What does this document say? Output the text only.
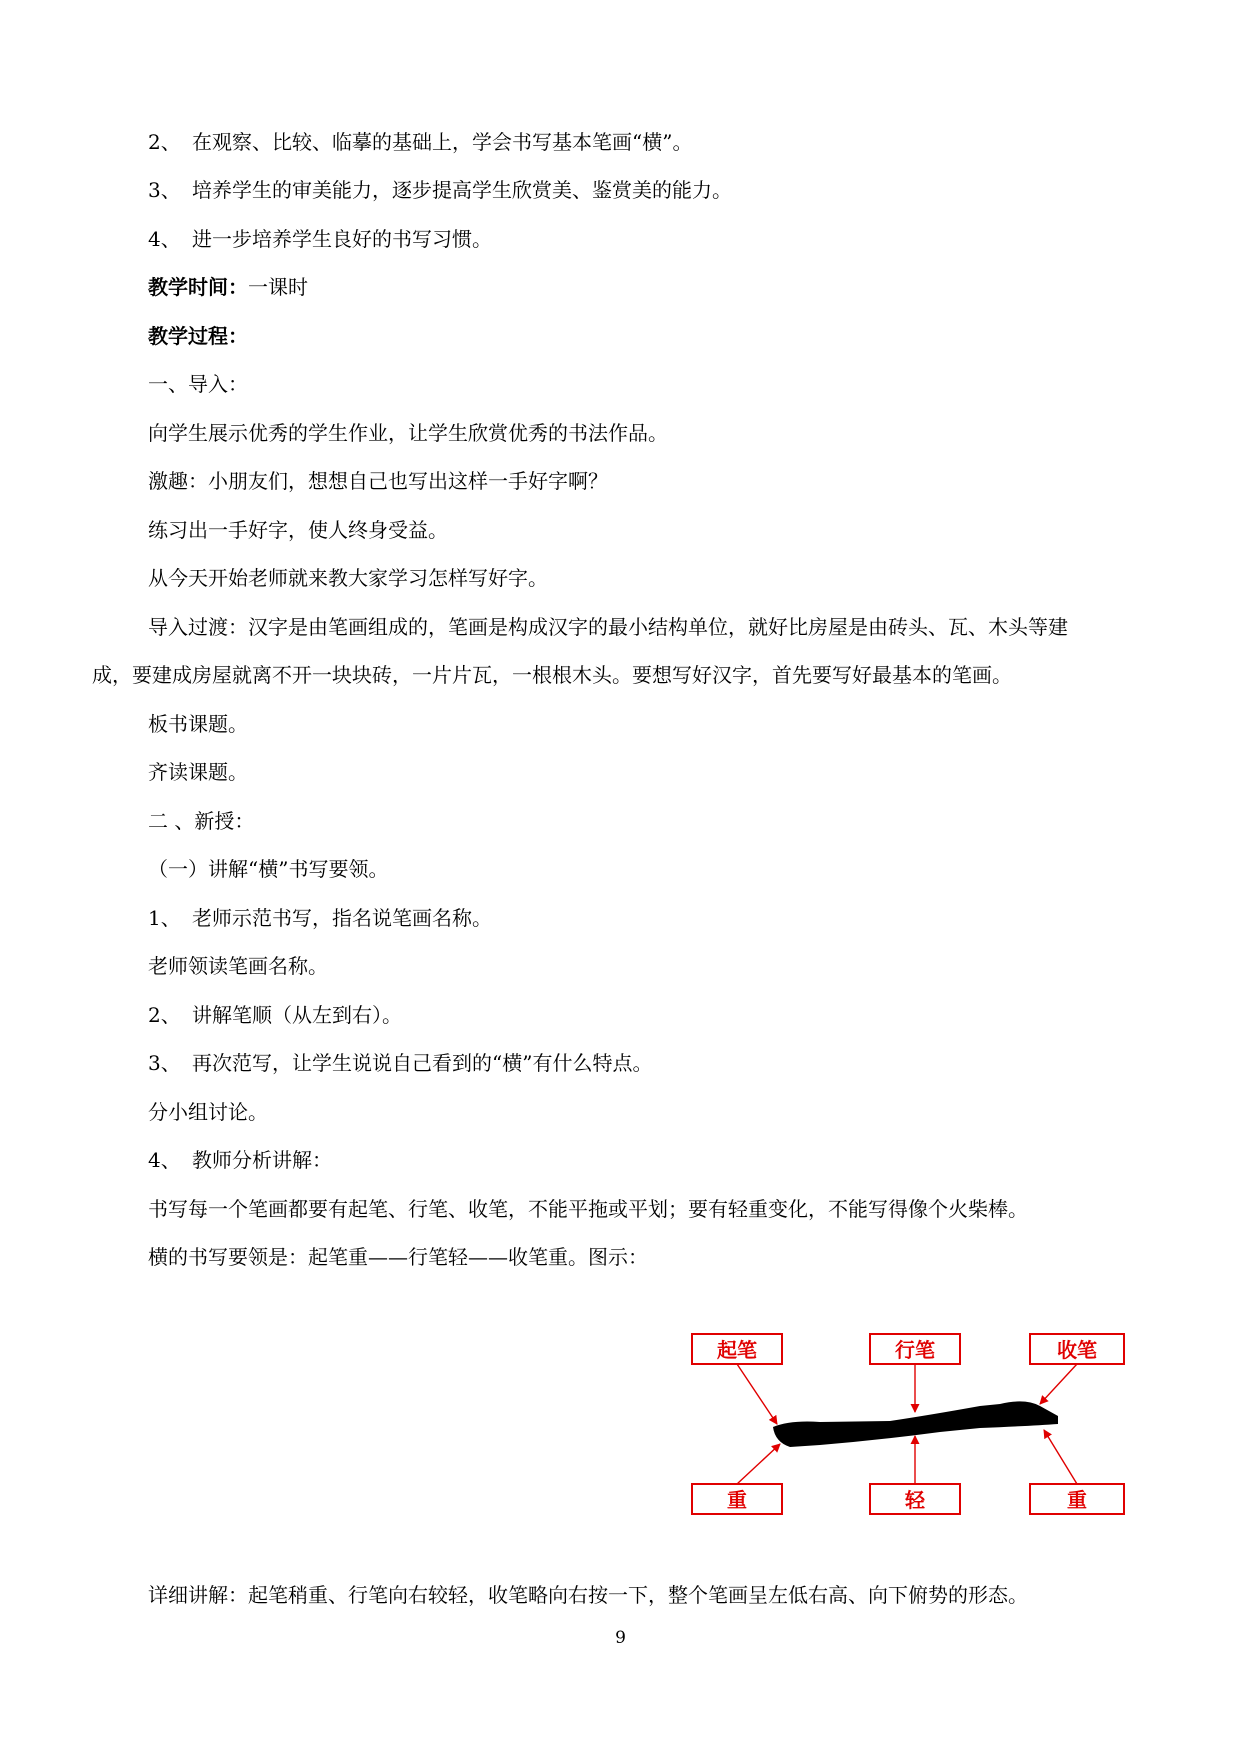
2、 在观察、比较、临摹的基础上，学会书写基本笔画“横”。
3、 培养学生的审美能力，逐步提高学生欣赏美、鉴赏美的能力。
4、 进一步培养学生良好的书写习惯。
教学时间：一课时
教学过程：
一、导入：
向学生展示优秀的学生作业，让学生欣赏优秀的书法作品。
激趣：小朋友们，想想自己也写出这样一手好字啊？
练习出一手好字，使人终身受益。
从今天开始老师就来教大家学习怎样写好字。
导入过渡：汉字是由笔画组成的，笔画是构成汉字的最小结构单位，就好比房屋是由砖头、瓦、木头等建
成，要建成房屋就离不开一块块砖，一片片瓦，一根根木头。要想写好汉字，首先要写好最基本的笔画。
板书课题。
齐读课题。
二 、新授：
（一）讲解“横”书写要领。
1、 老师示范书写，指名说笔画名称。
老师领读笔画名称。
2、 讲解笔顺（从左到右）。
3、 再次范写，让学生说说自己看到的“横”有什么特点。
分小组讨论。
4、 教师分析讲解：
书写每一个笔画都要有起笔、行笔、收笔，不能平拖或平划；要有轻重变化，不能写得像个火柴棒。
横的书写要领是：起笔重——行笔轻——收笔重。图示：
起笔	行笔	收笔
重	轻	重
详细讲解：起笔稍重、行笔向右较轻，收笔略向右按一下，整个笔画呈左低右高、向下俯势的形态。
9
